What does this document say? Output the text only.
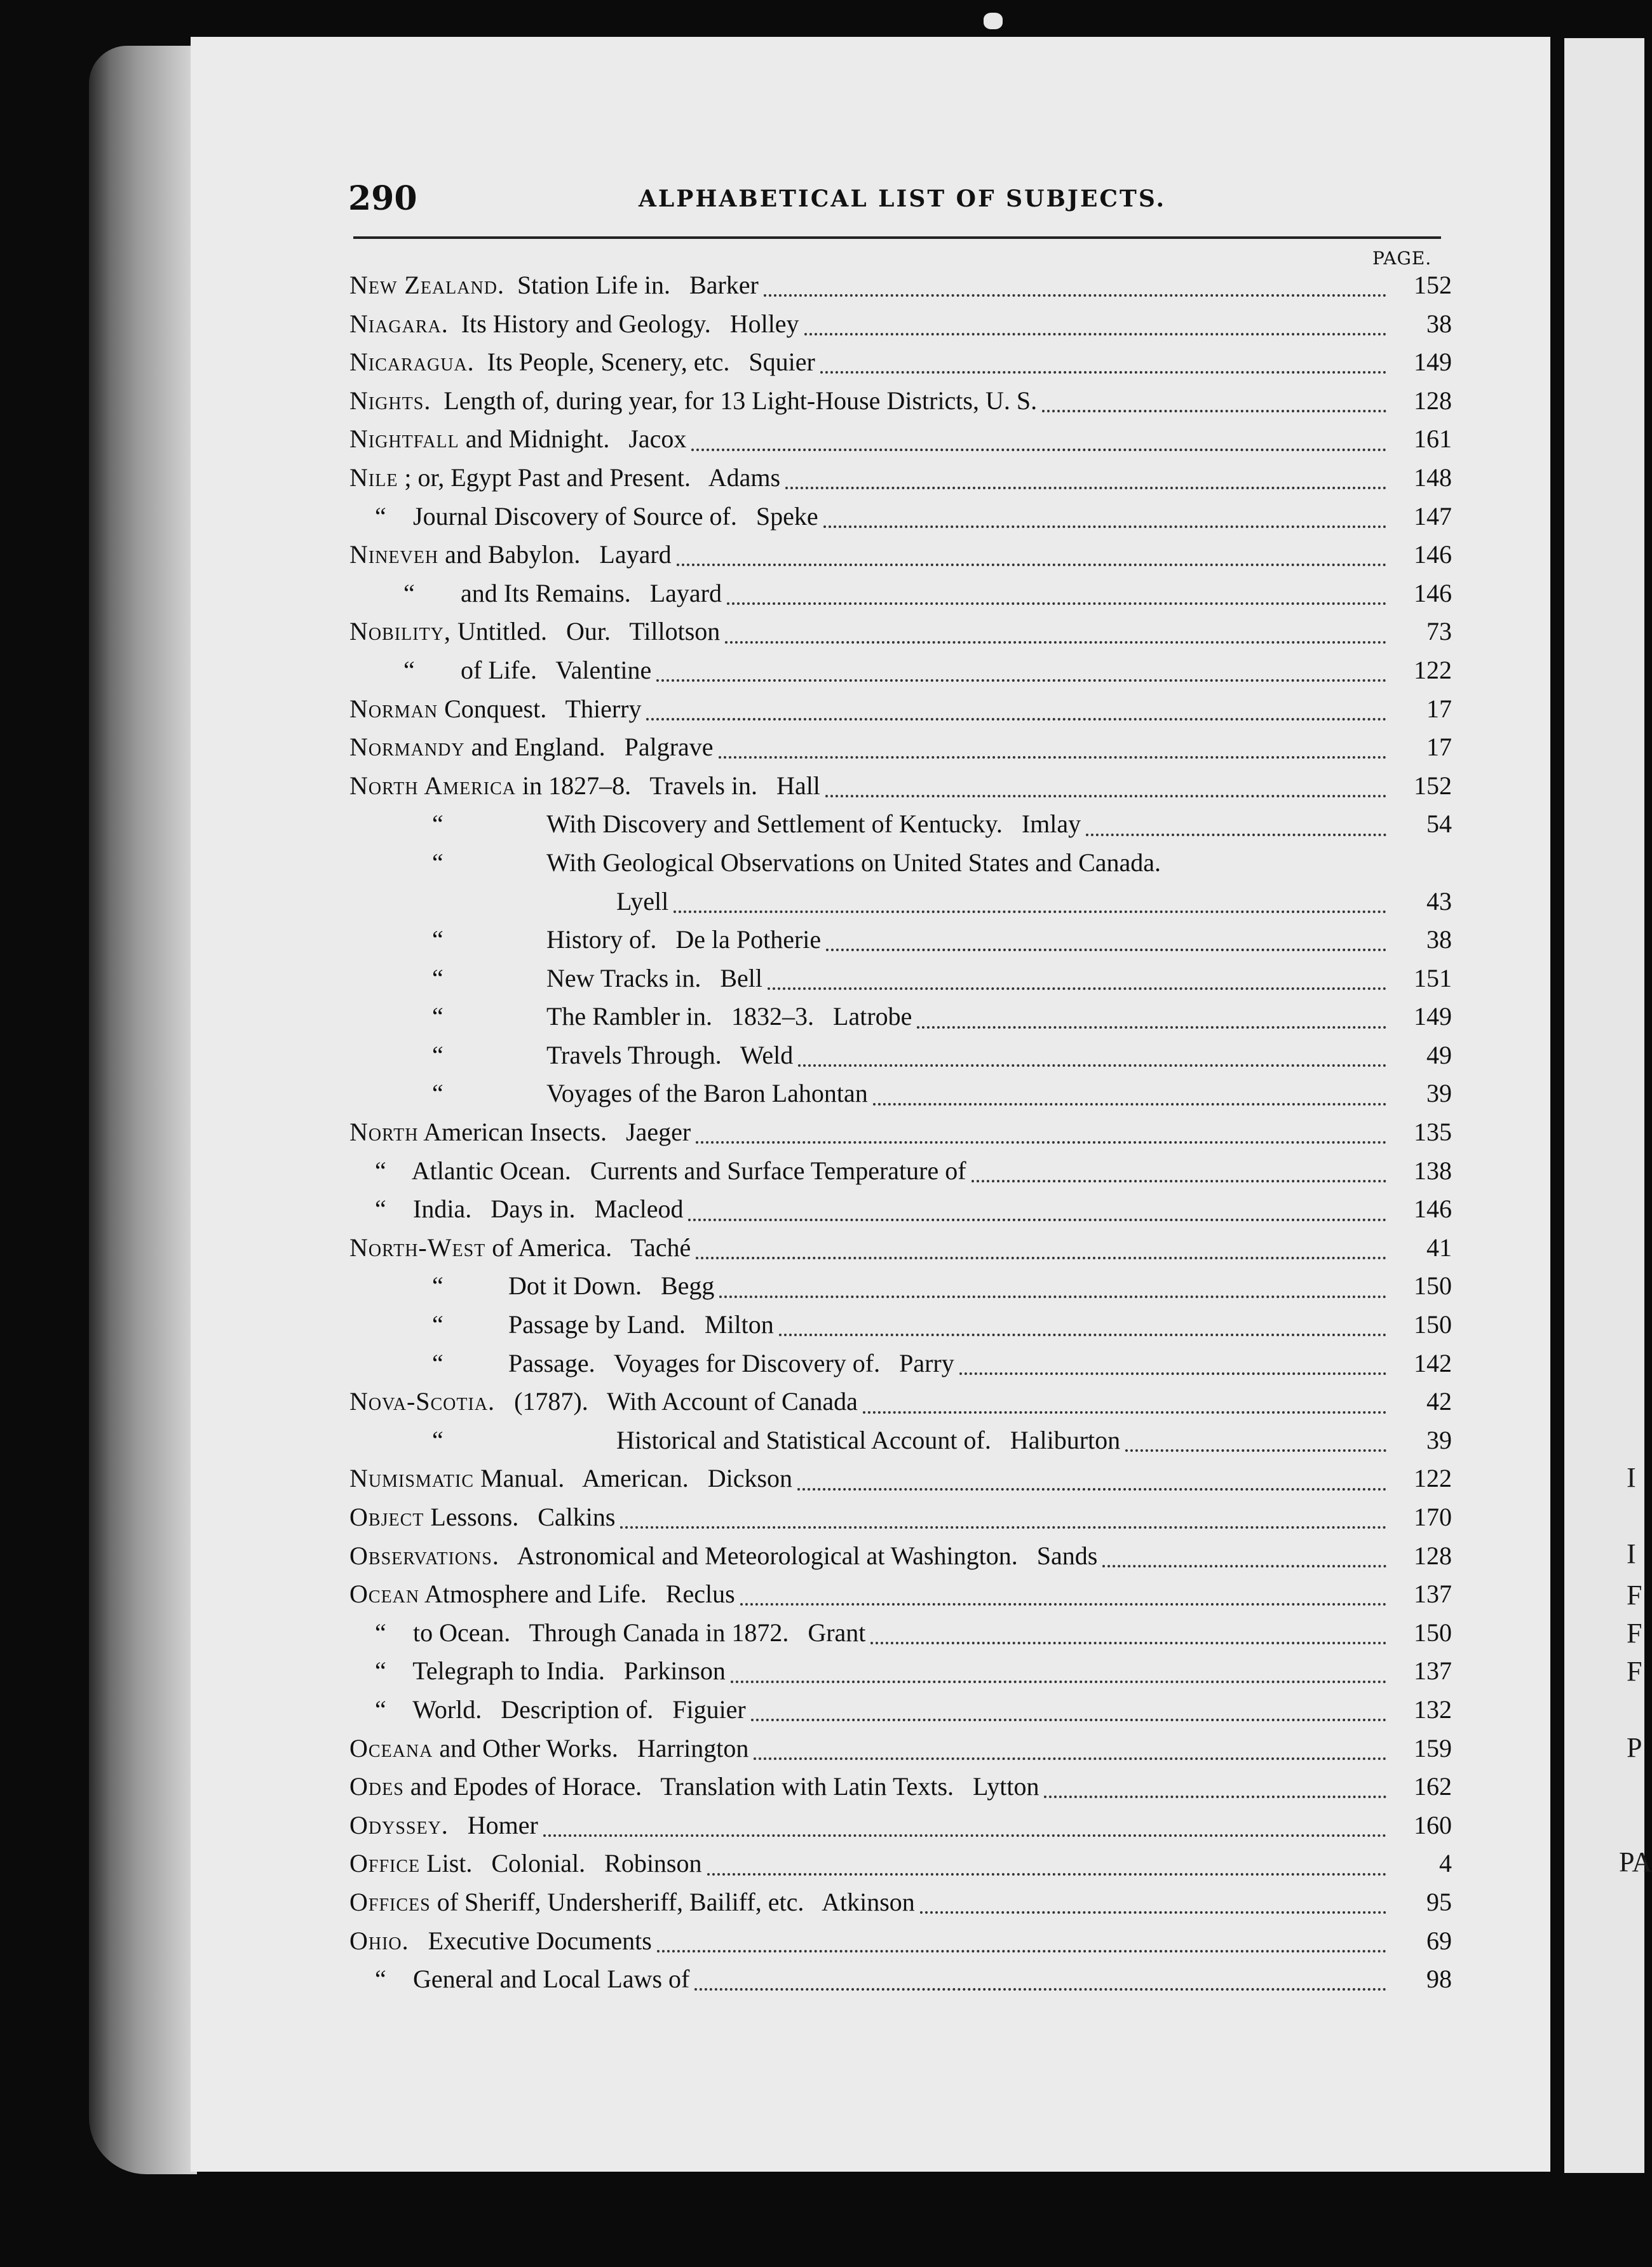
I
I
F
F
F
P
PA
290	ALPHABETICAL LIST OF SUBJECTS.
PAGE.
New Zealand.  Station Life in.   Barker	152
Niagara.  Its History and Geology.   Holley	38
Nicaragua.  Its People, Scenery, etc.   Squier	149
Nights.  Length of, during year, for 13 Light-House Districts, U. S.	128
Nightfall and Midnight.   Jacox	161
Nile ; or, Egypt Past and Present.   Adams	148
“   Journal Discovery of Source of.   Speke	147
Nineveh and Babylon.   Layard	146
“      and Its Remains.   Layard	146
Nobility, Untitled.   Our.   Tillotson	73
“      of Life.   Valentine	122
Norman Conquest.   Thierry	17
Normandy and England.   Palgrave	17
North America in 1827–8.   Travels in.   Hall	152
“	With Discovery and Settlement of Kentucky.   Imlay	54
“	With Geological Observations on United States and Canada.
Lyell	43
“	History of.   De la Potherie	38
“	New Tracks in.   Bell	151
“	The Rambler in.   1832–3.   Latrobe	149
“	Travels Through.   Weld	49
“	Voyages of the Baron Lahontan	39
North American Insects.   Jaeger	135
“   Atlantic Ocean.   Currents and Surface Temperature of	138
“   India.   Days in.   Macleod	146
North-West of America.   Taché	41
“	Dot it Down.   Begg	150
“	Passage by Land.   Milton	150
“	Passage.   Voyages for Discovery of.   Parry	142
Nova-Scotia.   (1787).   With Account of Canada	42
“	Historical and Statistical Account of.   Haliburton	39
Numismatic Manual.   American.   Dickson	122
Object Lessons.   Calkins	170
Observations.   Astronomical and Meteorological at Washington.   Sands	128
Ocean Atmosphere and Life.   Reclus	137
“   to Ocean.   Through Canada in 1872.   Grant	150
“   Telegraph to India.   Parkinson	137
“   World.   Description of.   Figuier	132
Oceana and Other Works.   Harrington	159
Odes and Epodes of Horace.   Translation with Latin Texts.   Lytton	162
Odyssey.   Homer	160
Office List.   Colonial.   Robinson	4
Offices of Sheriff, Undersheriff, Bailiff, etc.   Atkinson	95
Ohio.   Executive Documents	69
“   General and Local Laws of	98
